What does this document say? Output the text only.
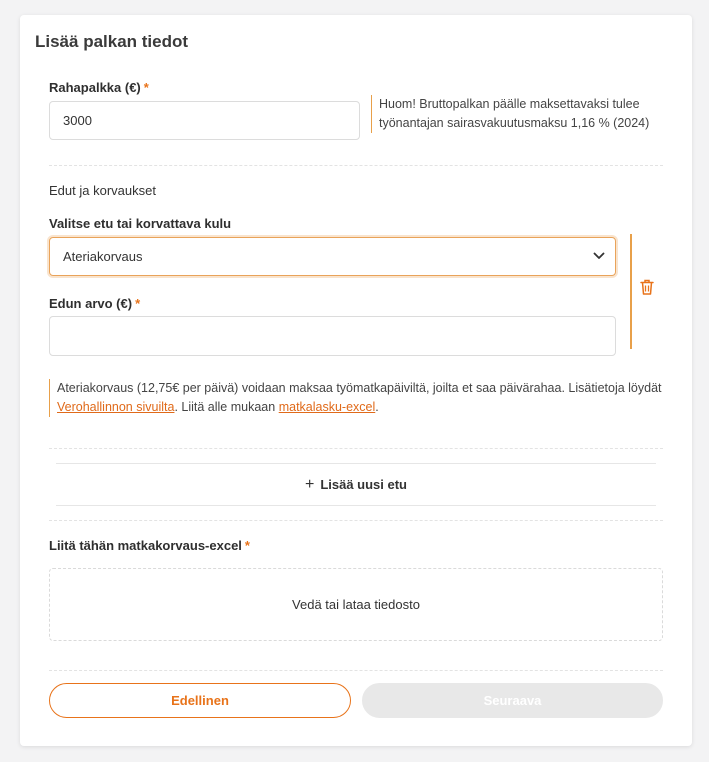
Lisää palkan tiedot
Rahapalkka (€) *
3000
Huom! Bruttopalkan päälle maksettavaksi tulee työnantajan sairasvakuutusmaksu 1,16 % (2024)
Edut ja korvaukset
Valitse etu tai korvattava kulu
Ateriakorvaus
Edun arvo (€) *
Ateriakorvaus (12,75€ per päivä) voidaan maksaa työmatkapäiviltä, joilta et saa päivärahaa. Lisätietoja löydät Verohallinnon sivuilta. Liitä alle mukaan matkalasku-excel.
+ Lisää uusi etu
Liitä tähän matkakorvaus-excel *
Vedä tai lataa tiedosto
Edellinen	Seuraava
